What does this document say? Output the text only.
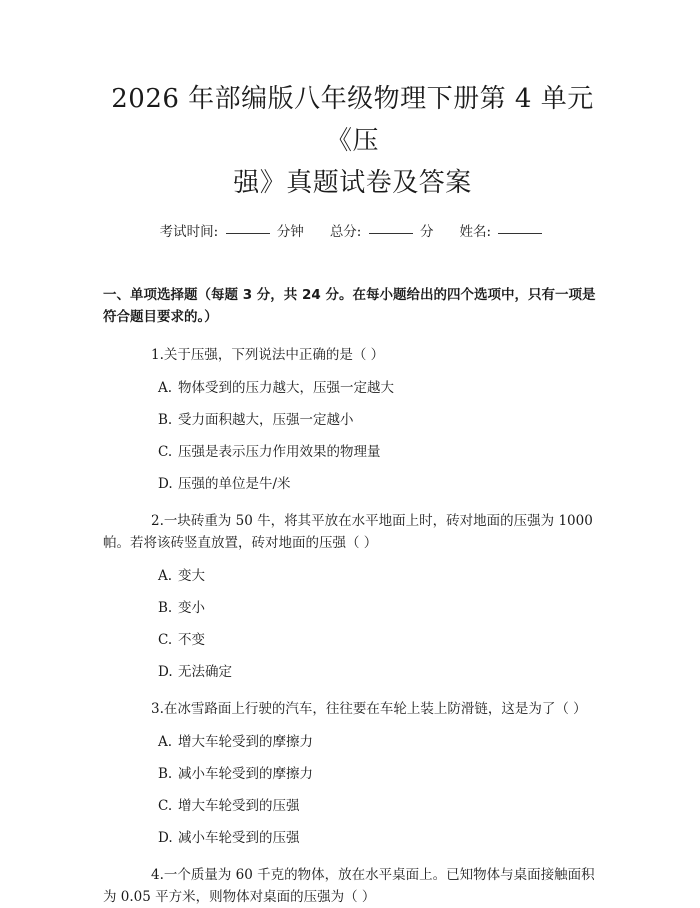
2026 年部编版八年级物理下册第 4 单元《压
强》真题试卷及答案
考试时间:	分钟 总分:	分 姓名:
一、单项选择题（每题 3 分，共 24 分。在每小题给出的四个选项中，只有一项是符合题目要求的。）
1.关于压强，下列说法中正确的是（ ）
A. 物体受到的压力越大，压强一定越大
B. 受力面积越大，压强一定越小
C. 压强是表示压力作用效果的物理量
D. 压强的单位是牛/米
2.一块砖重为 50 牛，将其平放在水平地面上时，砖对地面的压强为 1000 帕。若将该砖竖直放置，砖对地面的压强（ ）
A. 变大
B. 变小
C. 不变
D. 无法确定
3.在冰雪路面上行驶的汽车，往往要在车轮上装上防滑链，这是为了（ ）
A. 增大车轮受到的摩擦力
B. 减小车轮受到的摩擦力
C. 增大车轮受到的压强
D. 减小车轮受到的压强
4.一个质量为 60 千克的物体，放在水平桌面上。已知物体与桌面接触面积为 0.05 平方米，则物体对桌面的压强为（ ）
